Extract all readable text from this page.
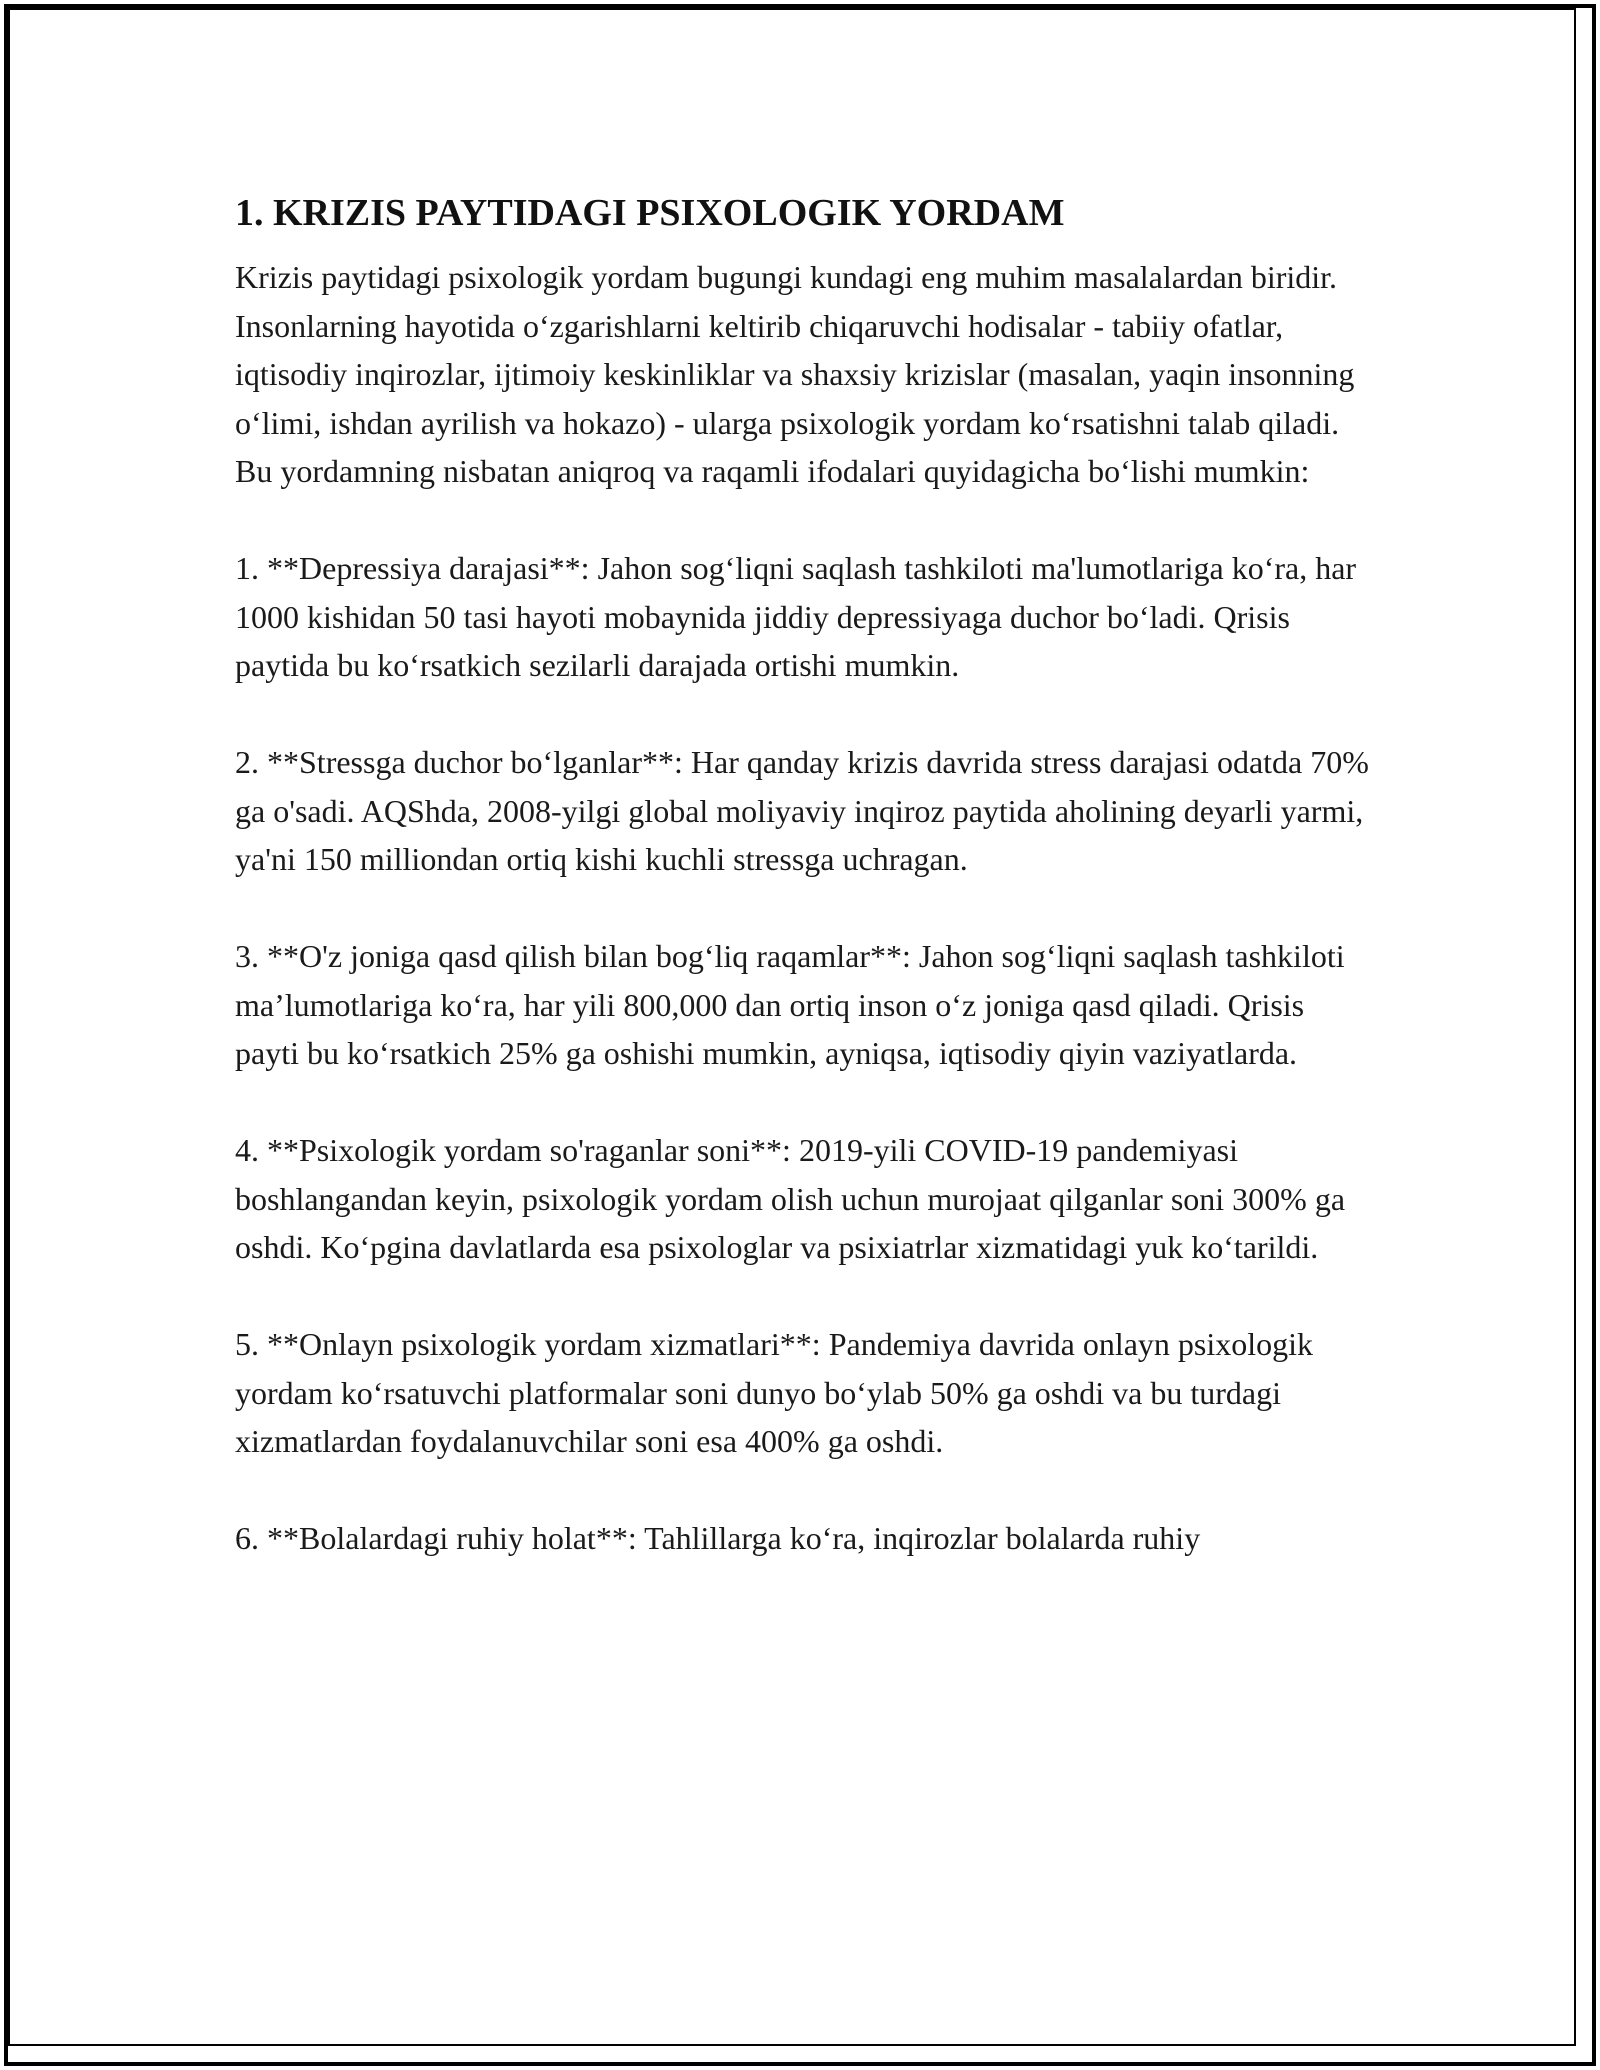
1. KRIZIS PAYTIDAGI PSIXOLOGIK YORDAM

Krizis paytidagi psixologik yordam bugungi kundagi eng muhim masalalardan biridir. Insonlarning hayotida o‘zgarishlarni keltirib chiqaruvchi hodisalar - tabiiy ofatlar, iqtisodiy inqirozlar, ijtimoiy keskinliklar va shaxsiy krizislar (masalan, yaqin insonning o‘limi, ishdan ayrilish va hokazo) - ularga psixologik yordam ko‘rsatishni talab qiladi. Bu yordamning nisbatan aniqroq va raqamli ifodalari quyidagicha bo‘lishi mumkin:

1. **Depressiya darajasi**: Jahon sog‘liqni saqlash tashkiloti ma'lumotlariga ko‘ra, har 1000 kishidan 50 tasi hayoti mobaynida jiddiy depressiyaga duchor bo‘ladi. Qrisis paytida bu ko‘rsatkich sezilarli darajada ortishi mumkin.

2. **Stressga duchor bo‘lganlar**: Har qanday krizis davrida stress darajasi odatda 70% ga o'sadi. AQShda, 2008-yilgi global moliyaviy inqiroz paytida aholining deyarli yarmi, ya'ni 150 milliondan ortiq kishi kuchli stressga uchragan.

3. **O'z joniga qasd qilish bilan bog‘liq raqamlar**: Jahon sog‘liqni saqlash tashkiloti ma’lumotlariga ko‘ra, har yili 800,000 dan ortiq inson o‘z joniga qasd qiladi. Qrisis payti bu ko‘rsatkich 25% ga oshishi mumkin, ayniqsa, iqtisodiy qiyin vaziyatlarda.

4. **Psixologik yordam so'raganlar soni**: 2019-yili COVID-19 pandemiyasi boshlangandan keyin, psixologik yordam olish uchun murojaat qilganlar soni 300% ga oshdi. Ko‘pgina davlatlarda esa psixologlar va psixiatrlar xizmatidagi yuk ko‘tarildi.

5. **Onlayn psixologik yordam xizmatlari**: Pandemiya davrida onlayn psixologik yordam ko‘rsatuvchi platformalar soni dunyo bo‘ylab 50% ga oshdi va bu turdagi xizmatlardan foydalanuvchilar soni esa 400% ga oshdi.

6. **Bolalardagi ruhiy holat**: Tahlillarga ko‘ra, inqirozlar bolalarda ruhiy
